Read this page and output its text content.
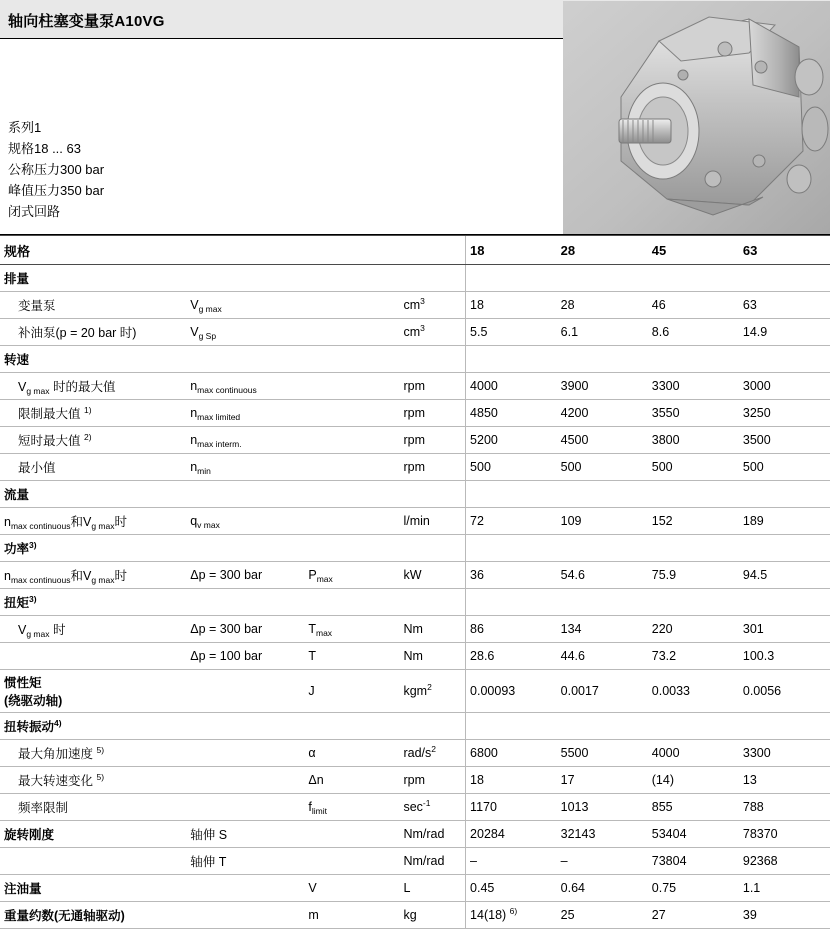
轴向柱塞变量泵A10VG
系列1
规格18 ... 63
公称压力300 bar
峰值压力350 bar
闭式回路
规格				18	28	45	63
排量							
变量泵	$V_{g max}$		$cm^3$	18	28	46	63
补油泵(p = 20 bar 时)	$V_{g Sp}$		$cm^3$	5.5	6.1	8.6	14.9
转速							
$V_{g max}$ 时的最大值	$n_{max continuous}$		rpm	4000	3900	3300	3000
限制最大值 $^{1)}$	$n_{max limited}$		rpm	4850	4200	3550	3250
短时最大值 $^{2)}$	$n_{max interm.}$		rpm	5200	4500	3800	3500
最小值	$n_{min}$		rpm	500	500	500	500
流量							
$n_{max continuous}$和$V_{g max}$时	$q_{v max}$		l/min	72	109	152	189
功率$^{3)}$							
$n_{max continuous}$和$V_{g max}$时	Δp = 300 bar	$P_{max}$	kW	36	54.6	75.9	94.5
扭矩$^{3)}$							
$V_{g max}$ 时	Δp = 300 bar	$T_{max}$	Nm	86	134	220	301
	Δp = 100 bar	T	Nm	28.6	44.6	73.2	100.3
惯性矩
(绕驱动轴)		J	kgm$^2$	0.00093	0.0017	0.0033	0.0056
扭转振动$^{4)}$							
最大角加速度 $^{5)}$		α	rad/$s^2$	6800	5500	4000	3300
最大转速变化 $^{5)}$		Δn	rpm	18	17	(14)	13
频率限制		$f_{limit}$	$\sec^{-1}$	1170	1013	855	788
旋转刚度	轴伸 S		Nm/rad	20284	32143	53404	78370
	轴伸 T		Nm/rad	–	–	73804	92368
注油量		V	L	0.45	0.64	0.75	1.1
重量约数(无通轴驱动)		m	kg	14(18) $^{6)}$	25	27	39
